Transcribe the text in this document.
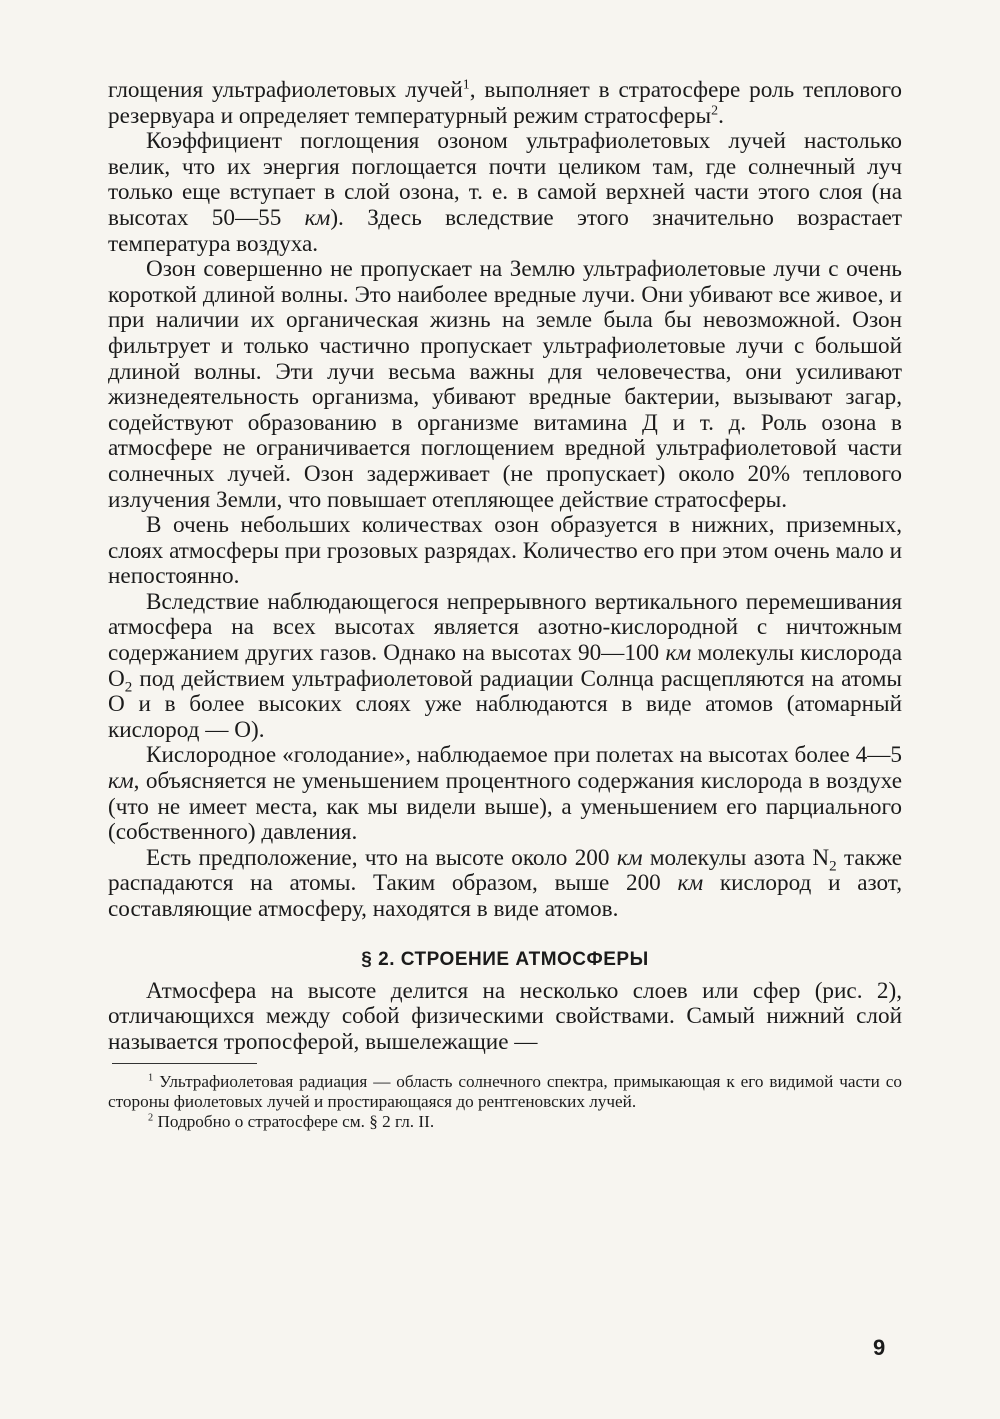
глощения ультрафиолетовых лучей$^1$, выполняет в стратосфере роль теплового резервуара и определяет температурный режим стратосферы$^2$.

Коэффициент поглощения озоном ультрафиолетовых лучей настолько велик, что их энергия поглощается почти целиком там, где солнечный луч только еще вступает в слой озона, т. е. в самой верхней части этого слоя (на высотах 50—55 км). Здесь вследствие этого значительно возрастает температура воздуха.

Озон совершенно не пропускает на Землю ультрафиолетовые лучи с очень короткой длиной волны. Это наиболее вредные лучи. Они убивают все живое, и при наличии их органическая жизнь на земле была бы невозможной. Озон фильтрует и только частично пропускает ультрафиолетовые лучи с большой длиной волны. Эти лучи весьма важны для человечества, они усиливают жизнедеятельность организма, убивают вредные бактерии, вызывают загар, содействуют образованию в организме витамина Д и т. д. Роль озона в атмосфере не ограничивается поглощением вредной ультрафиолетовой части солнечных лучей. Озон задерживает (не пропускает) около 20% теплового излучения Земли, что повышает отепляющее действие стратосферы.

В очень небольших количествах озон образуется в нижних, приземных, слоях атмосферы при грозовых разрядах. Количество его при этом очень мало и непостоянно.

Вследствие наблюдающегося непрерывного вертикального перемешивания атмосфера на всех высотах является азотно-кислородной с ничтожным содержанием других газов. Однако на высотах 90—100 км молекулы кислорода $O_2$ под действием ультрафиолетовой радиации Солнца расщепляются на атомы O и в более высоких слоях уже наблюдаются в виде атомов (атомарный кислород — O).

Кислородное «голодание», наблюдаемое при полетах на высотах более 4—5 км, объясняется не уменьшением процентного содержания кислорода в воздухе (что не имеет места, как мы видели выше), а уменьшением его парциального (собственного) давления.

Есть предположение, что на высоте около 200 км молекулы азота $N_2$ также распадаются на атомы. Таким образом, выше 200 км кислород и азот, составляющие атмосферу, находятся в виде атомов.

§ 2. СТРОЕНИЕ АТМОСФЕРЫ

Атмосфера на высоте делится на несколько слоев или сфер (рис. 2), отличающихся между собой физическими свойствами. Самый нижний слой называется тропосферой, вышележащие —

$^1$ Ультрафиолетовая радиация — область солнечного спектра, примыкающая к его видимой части со стороны фиолетовых лучей и простирающаяся до рентгеновских лучей.

$^2$ Подробно о стратосфере см. § 2 гл. II.

9
